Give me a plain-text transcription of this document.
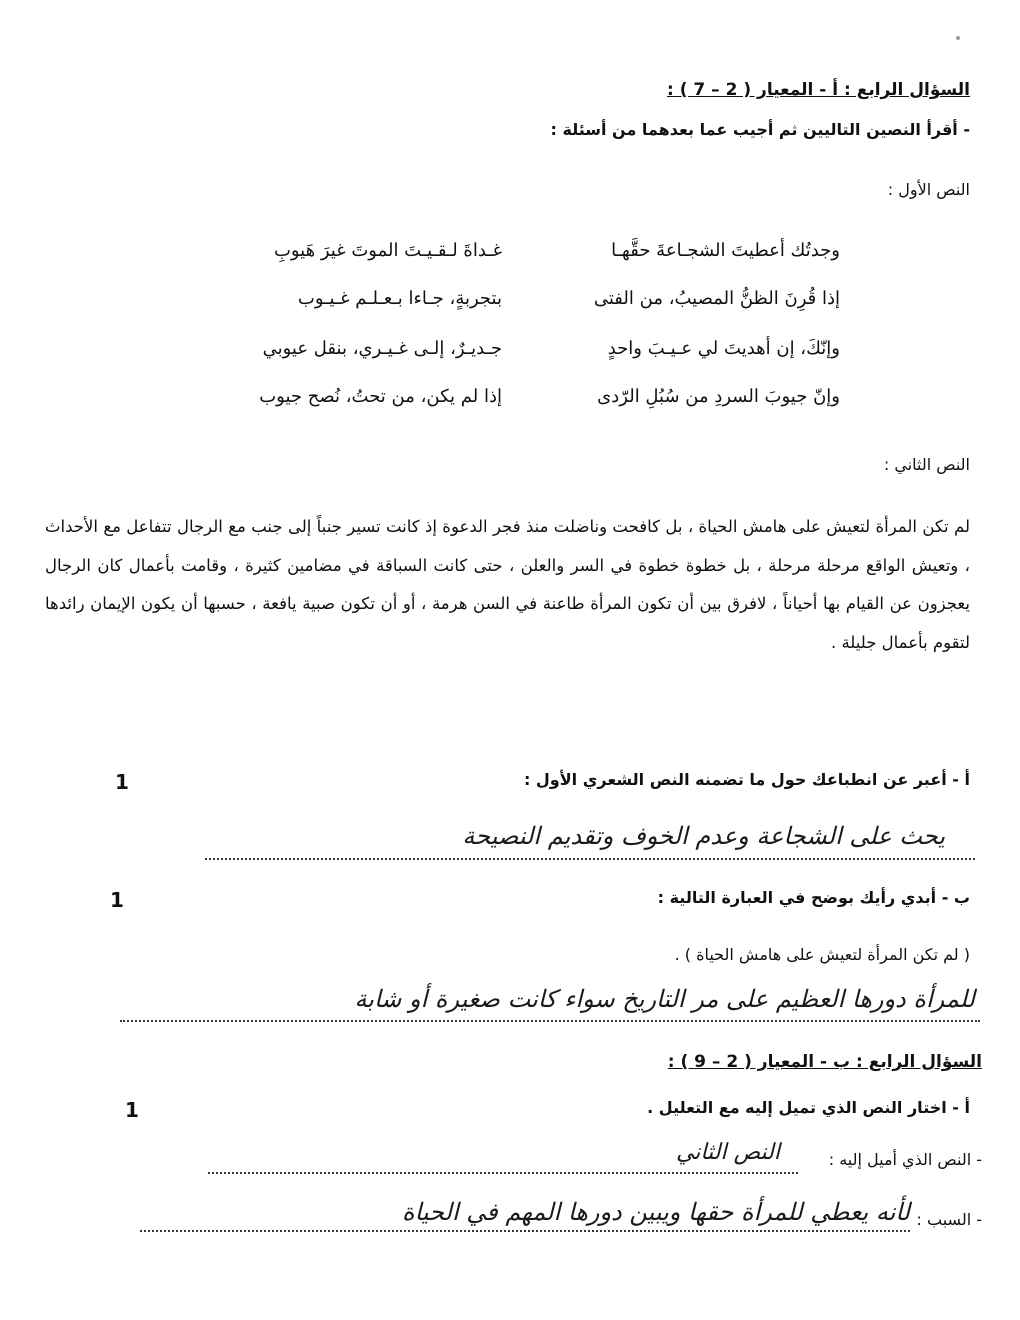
السؤال الرابع : أ - المعيار ( 2 – 7 ) :
- أقرأ النصين التاليين ثم أجيب عما بعدهما من أسئلة :
النص الأول :
وجدتُك أعطيتَ الشجـاعةَ حقَّهـا
غـداةَ لـقـيـتَ الموتَ غيرَ هَيوبِ
إذا قُرِنَ الظنُّ المصيبُ، من الفتى
بتجربةٍ، جـاءا بـعـلـم غـيـوب
وإنّكَ، إن أهديتَ لي عـيـبَ واحدٍ
جـديـرٌ، إلـى غـيـري، بنقل عيوبي
وإنّ جيوبَ السردِ من سُبُلِ الرّدى
إذا لم يكن، من تحتُ، نُصح جيوب
النص الثاني :
لم تكن المرأة لتعيش على هامش الحياة ، بل كافحت وناضلت منذ فجر الدعوة إذ كانت تسير جنباً إلى جنب مع الرجال تتفاعل مع الأحداث ، وتعيش الواقع مرحلة مرحلة ، بل خطوة خطوة في السر والعلن ، حتى كانت السباقة في مضامين كثيرة ، وقامت بأعمال كان الرجال يعجزون عن القيام بها أحياناً ، لافرق بين أن تكون المرأة طاعنة في السن هرمة ، أو أن تكون صبية يافعة ، حسبها أن يكون الإيمان رائدها لتقوم بأعمال جليلة .
أ - أعبر عن انطباعك حول ما تضمنه النص الشعري الأول :
1
يحث على الشجاعة وعدم الخوف وتقديم النصيحة
ب - أبدي رأيك بوضح في العبارة التالية :
1
( لم تكن المرأة لتعيش على هامش الحياة ) .
للمرأة دورها العظيم على مر التاريخ سواء كانت صغيرة أو شابة
السؤال الرابع : ب - المعيار ( 2 – 9 ) :
أ - اختار النص الذي تميل إليه مع التعليل .
1
- النص الذي أميل إليه :
النص الثاني
- السبب :
لأنه يعطي للمرأة حقها ويبين دورها المهم في الحياة
